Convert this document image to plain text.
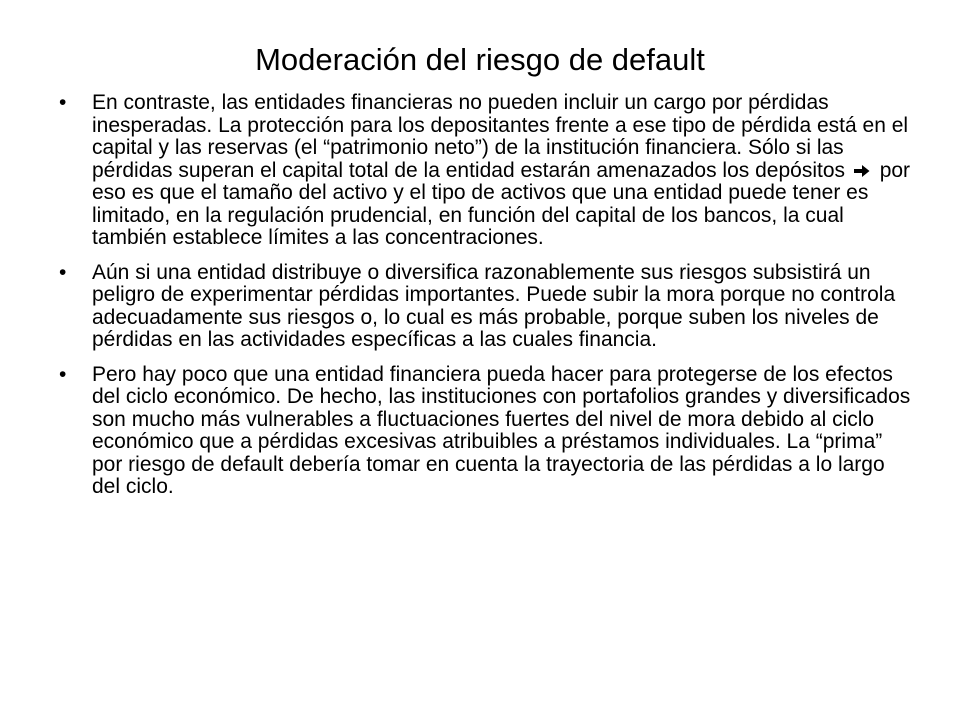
Moderación del riesgo de default
• En contraste, las entidades financieras no pueden incluir un cargo por pérdidas inesperadas. La protección para los depositantes frente a ese tipo de pérdida está en el capital y las reservas (el “patrimonio neto”) de la institución financiera. Sólo si las pérdidas superan el capital total de la entidad estarán amenazados los depósitos por eso es que el tamaño del activo y el tipo de activos que una entidad puede tener es limitado, en la regulación prudencial, en función del capital de los bancos, la cual también establece límites a las concentraciones.
• Aún si una entidad distribuye o diversifica razonablemente sus riesgos subsistirá un peligro de experimentar pérdidas importantes. Puede subir la mora porque no controla adecuadamente sus riesgos o, lo cual es más probable, porque suben los niveles de pérdidas en las actividades específicas a las cuales financia.
• Pero hay poco que una entidad financiera pueda hacer para protegerse de los efectos del ciclo económico. De hecho, las instituciones con portafolios grandes y diversificados son mucho más vulnerables a fluctuaciones fuertes del nivel de mora debido al ciclo económico que a pérdidas excesivas atribuibles a préstamos individuales. La “prima” por riesgo de default debería tomar en cuenta la trayectoria de las pérdidas a lo largo del ciclo.
